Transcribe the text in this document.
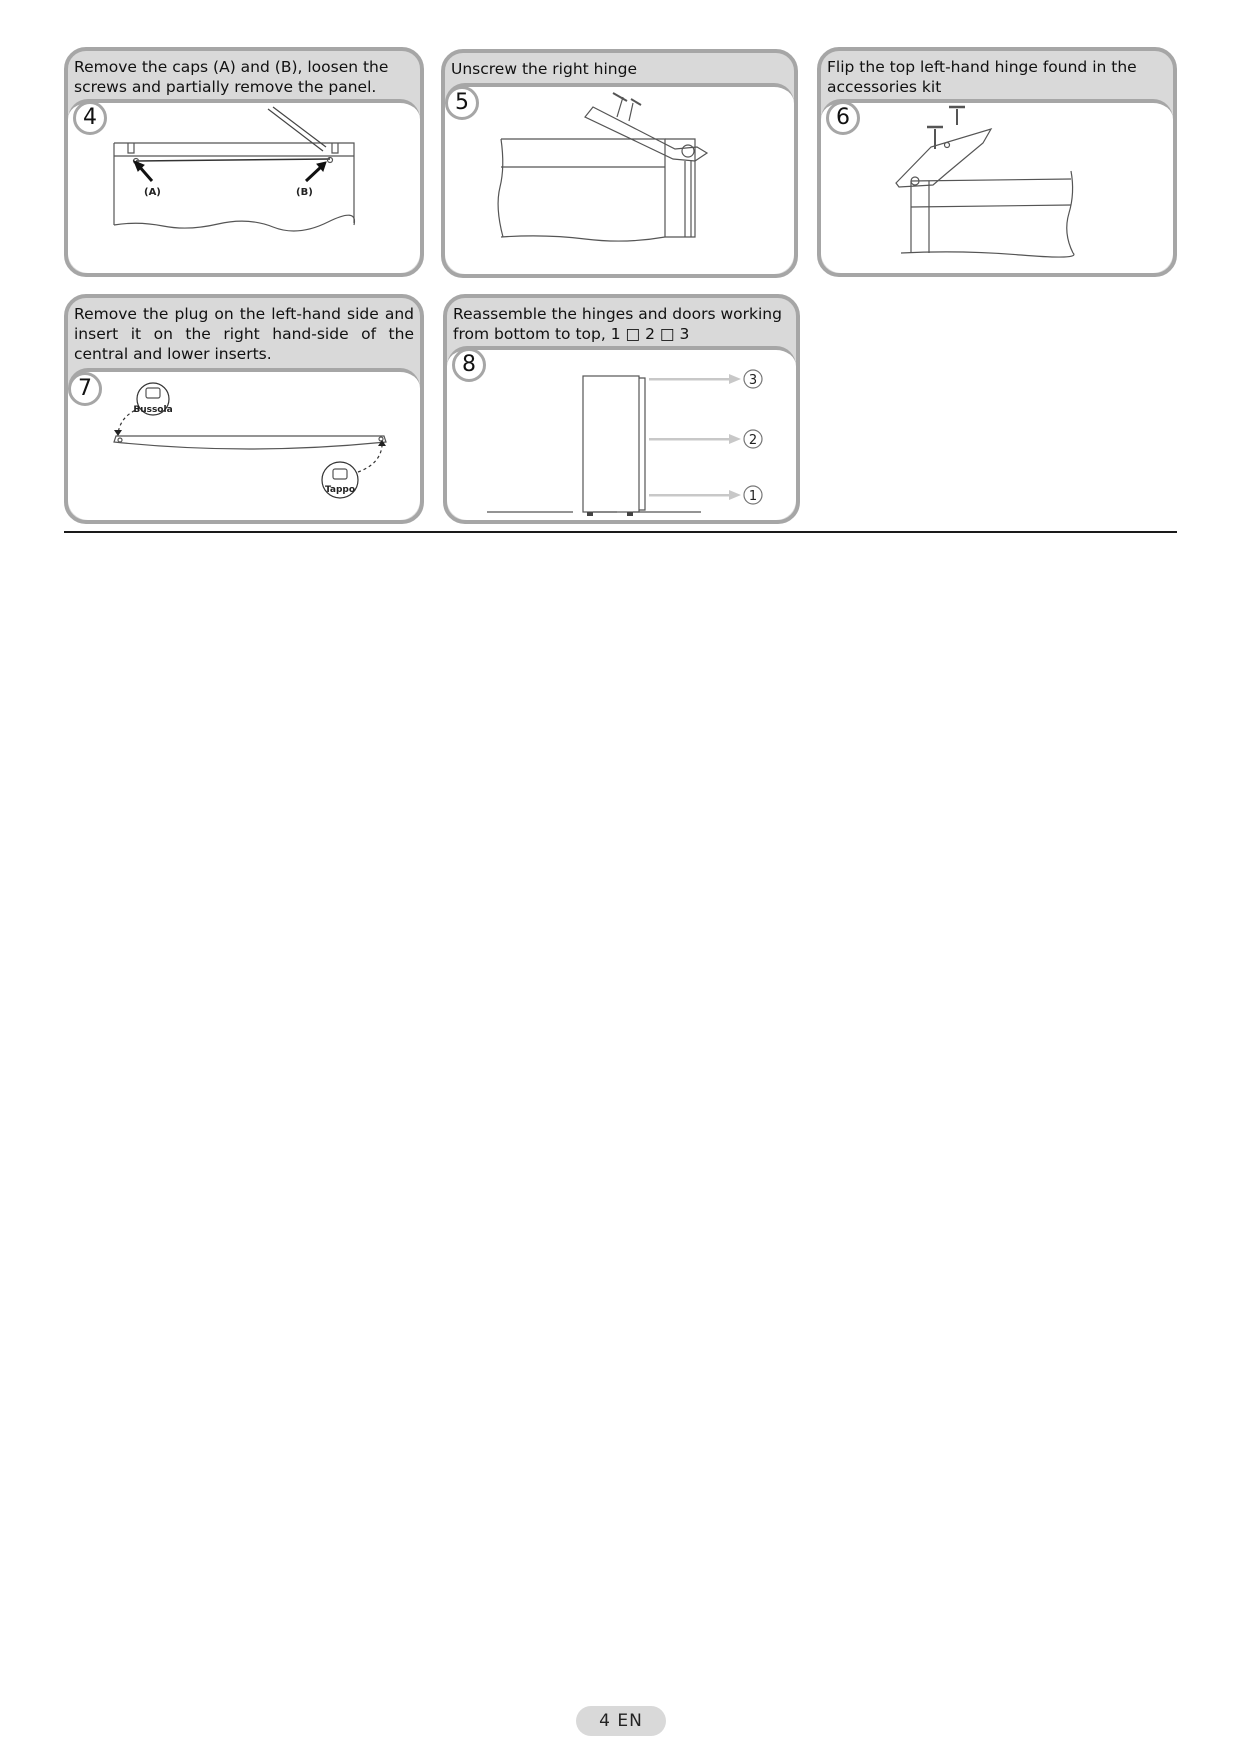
Remove the caps (A) and (B), loosen the screws and partially remove the panel.

4
(A)	(B)

Unscrew the right hinge

5

Flip the top left-hand hinge found in the accessories kit

6

Remove the plug on the left-hand side and insert it on the right hand-side of the central and lower inserts.

7
Bussola
Tappo

Reassemble the hinges and doors working from bottom to top, 1 □ 2 □ 3

8
3
2
1
4 EN
